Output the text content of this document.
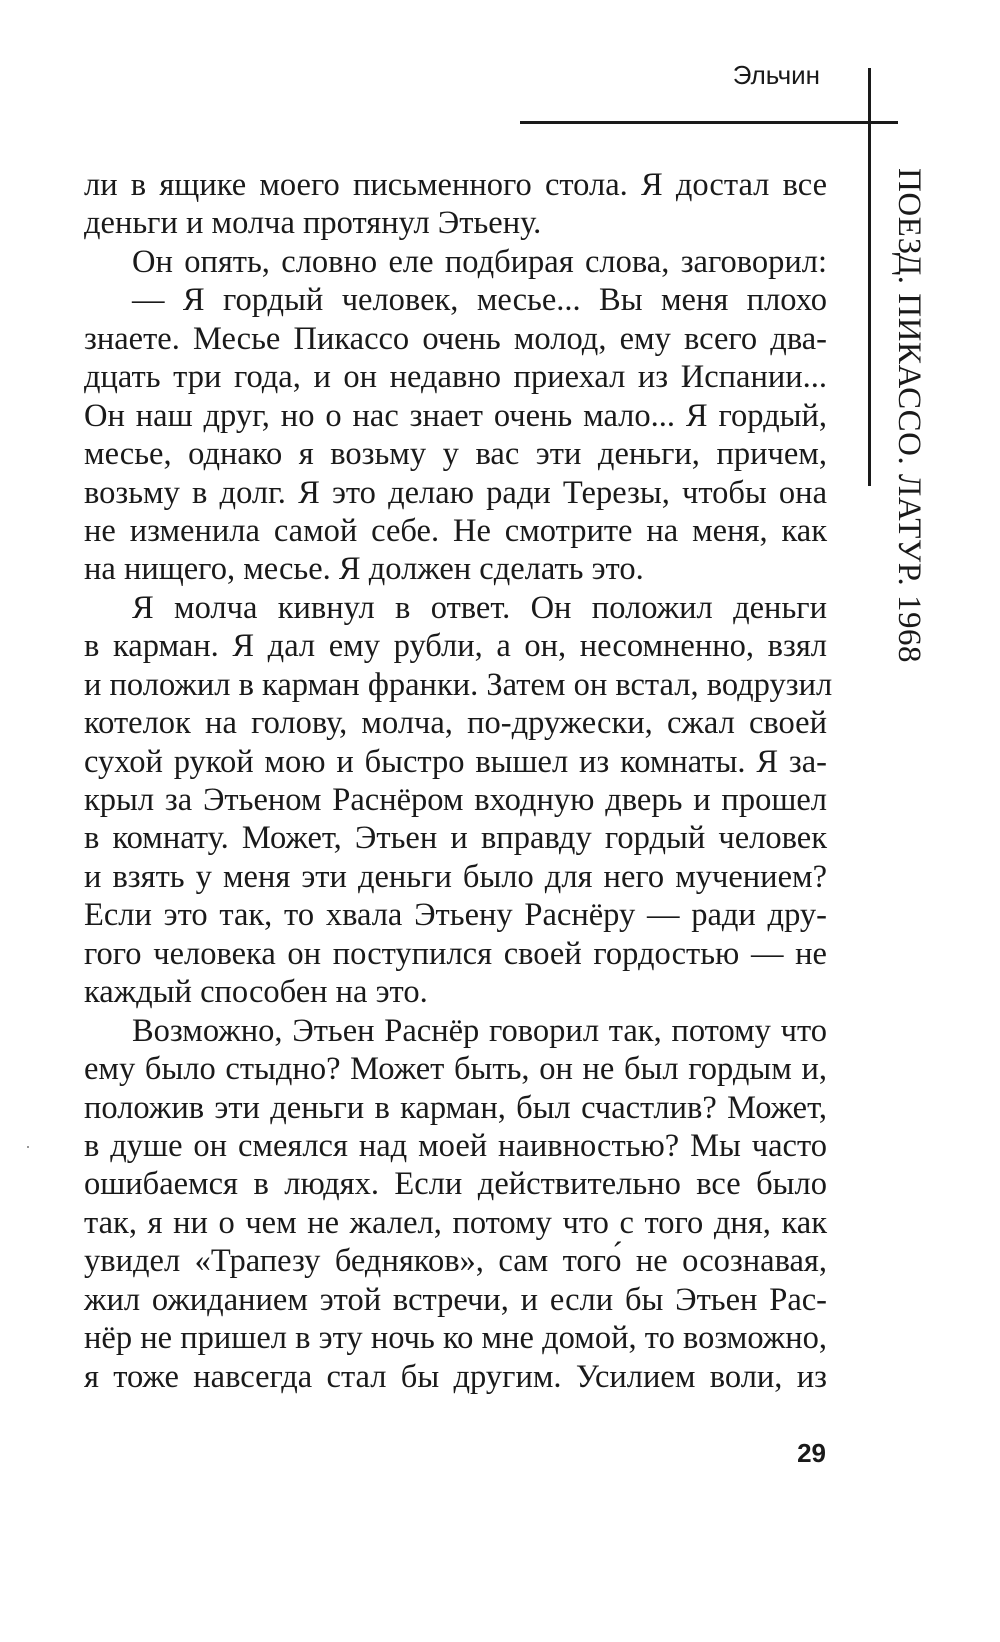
Эльчин
ПОЕЗД. ПИКАССО. ЛАТУР. 1968
ли в ящике моего письменного стола. Я достал все
деньги и молча протянул Этьену.
Он опять, словно еле подбирая слова, заговорил:
— Я гордый человек, месье... Вы меня плохо
знаете. Месье Пикассо очень молод, ему всего два-
дцать три года, и он недавно приехал из Испании...
Он наш друг, но о нас знает очень мало... Я гордый,
месье, однако я возьму у вас эти деньги, причем,
возьму в долг. Я это делаю ради Терезы, чтобы она
не изменила самой себе. Не смотрите на меня, как
на нищего, месье. Я должен сделать это.
Я молча кивнул в ответ. Он положил деньги
в карман. Я дал ему рубли, а он, несомненно, взял
и положил в карман франки. Затем он встал, водрузил
котелок на голову, молча, по-дружески, сжал своей
сухой рукой мою и быстро вышел из комнаты. Я за-
крыл за Этьеном Раснёром входную дверь и прошел
в комнату. Может, Этьен и вправду гордый человек
и взять у меня эти деньги было для него мучением?
Если это так, то хвала Этьену Раснёру — ради дру-
гого человека он поступился своей гордостью — не
каждый способен на это.
Возможно, Этьен Раснёр говорил так, потому что
ему было стыдно? Может быть, он не был гордым и,
положив эти деньги в карман, был счастлив? Может,
в душе он смеялся над моей наивностью? Мы часто
ошибаемся в людях. Если действительно все было
так, я ни о чем не жалел, потому что с того дня, как
увидел «Трапезу бедняков», сам того́ не осознавая,
жил ожиданием этой встречи, и если бы Этьен Рас-
нёр не пришел в эту ночь ко мне домой, то возможно,
я тоже навсегда стал бы другим. Усилием воли, из
29
